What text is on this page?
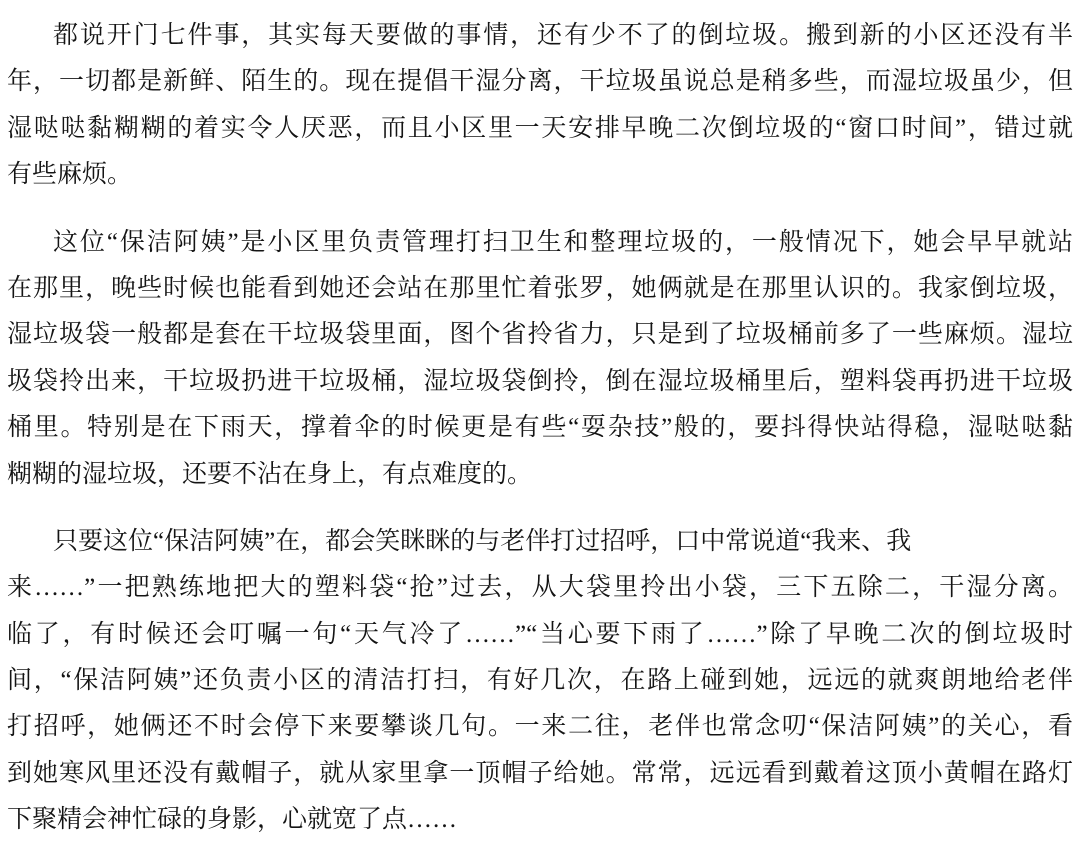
都说开门七件事，其实每天要做的事情，还有少不了的倒垃圾。搬到新的小区还没有半
年，一切都是新鲜、陌生的。现在提倡干湿分离，干垃圾虽说总是稍多些，而湿垃圾虽少，但
湿哒哒黏糊糊的着实令人厌恶，而且小区里一天安排早晚二次倒垃圾的“窗口时间”，错过就
有些麻烦。
这位“保洁阿姨”是小区里负责管理打扫卫生和整理垃圾的，一般情况下，她会早早就站
在那里，晚些时候也能看到她还会站在那里忙着张罗，她俩就是在那里认识的。我家倒垃圾，
湿垃圾袋一般都是套在干垃圾袋里面，图个省拎省力，只是到了垃圾桶前多了一些麻烦。湿垃
圾袋拎出来，干垃圾扔进干垃圾桶，湿垃圾袋倒拎，倒在湿垃圾桶里后，塑料袋再扔进干垃圾
桶里。特别是在下雨天，撑着伞的时候更是有些“耍杂技”般的，要抖得快站得稳，湿哒哒黏
糊糊的湿垃圾，还要不沾在身上，有点难度的。
只要这位“保洁阿姨”在，都会笑眯眯的与老伴打过招呼，口中常说道“我来、我
来……”一把熟练地把大的塑料袋“抢”过去，从大袋里拎出小袋，三下五除二，干湿分离。
临了，有时候还会叮嘱一句“天气冷了……”“当心要下雨了……”除了早晚二次的倒垃圾时
间，“保洁阿姨”还负责小区的清洁打扫，有好几次，在路上碰到她，远远的就爽朗地给老伴
打招呼，她俩还不时会停下来要攀谈几句。一来二往，老伴也常念叨“保洁阿姨”的关心，看
到她寒风里还没有戴帽子，就从家里拿一顶帽子给她。常常，远远看到戴着这顶小黄帽在路灯
下聚精会神忙碌的身影，心就宽了点……
